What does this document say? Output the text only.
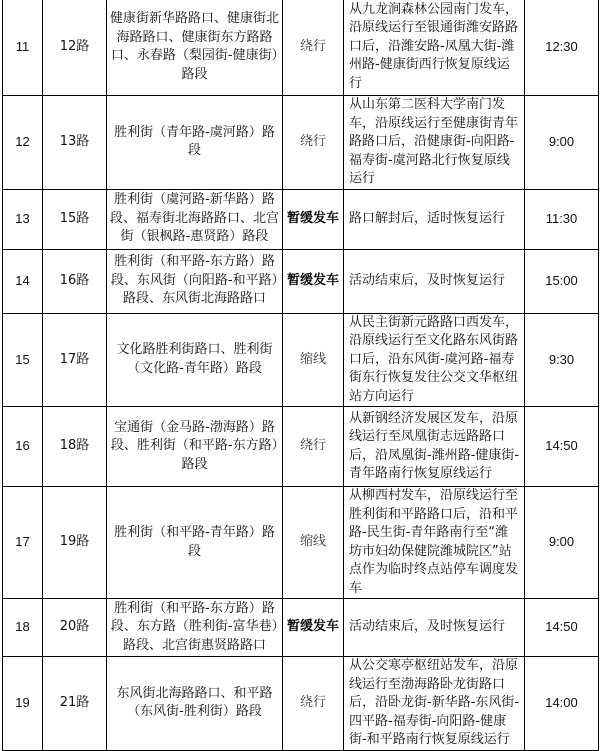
11	12路	健康街新华路路口、健康街北海路路口、健康街东方路路口、永春路（梨园街-健康街）路段	绕行	从九龙涧森林公园南门发车，沿原线运行至银通街潍安路路口后，沿潍安路-凤凰大街-潍州路-健康街西行恢复原线运行	12:30
12	13路	胜利街（青年路-虞河路）路段	绕行	从山东第二医科大学南门发车，沿原线运行至健康街青年路路口后，沿健康街-向阳路-福寿街-虞河路北行恢复原线运行	9:00
13	15路	胜利街（虞河路-新华路）路段、福寿街北海路路口、北宫街（银枫路-惠贤路）路段	暂缓发车	路口解封后，适时恢复运行	11:30
14	16路	胜利街（和平路-东方路）路段、东风街（向阳路-和平路）路段、东风街北海路路口	暂缓发车	活动结束后，及时恢复运行	15:00
15	17路	文化路胜利街路口、胜利街（文化路-青年路）路段	缩线	从民主街新元路路口西发车，沿原线运行至文化路东风街路口后，沿东风街-虞河路-福寿街东行恢复发往公交文华枢纽站方向运行	9:30
16	18路	宝通街（金马路-渤海路）路段、胜利街（和平路-东方路）路段	绕行	从新钢经济发展区发车，沿原线运行至凤凰街志远路路口后，沿凤凰街-潍州路-健康街-青年路南行恢复原线运行	14:50
17	19路	胜利街（和平路-青年路）路段	缩线	从柳西村发车，沿原线运行至胜利街和平路路口后，沿和平路-民生街-青年路南行至“潍坊市妇幼保健院潍城院区”站点作为临时终点站停车调度发车	9:00
18	20路	胜利街（和平路-东方路）路段、东方路（胜利街-富华巷）路段、北宫街惠贤路路口	暂缓发车	活动结束后，及时恢复运行	14:50
19	21路	东风街北海路路口、和平路（东风街-胜利街）路段	绕行	从公交寒亭枢纽站发车，沿原线运行至渤海路卧龙街路口后，沿卧龙街-新华路-东风街-四平路-福寿街-向阳路-健康街-和平路南行恢复原线运行	14:00
